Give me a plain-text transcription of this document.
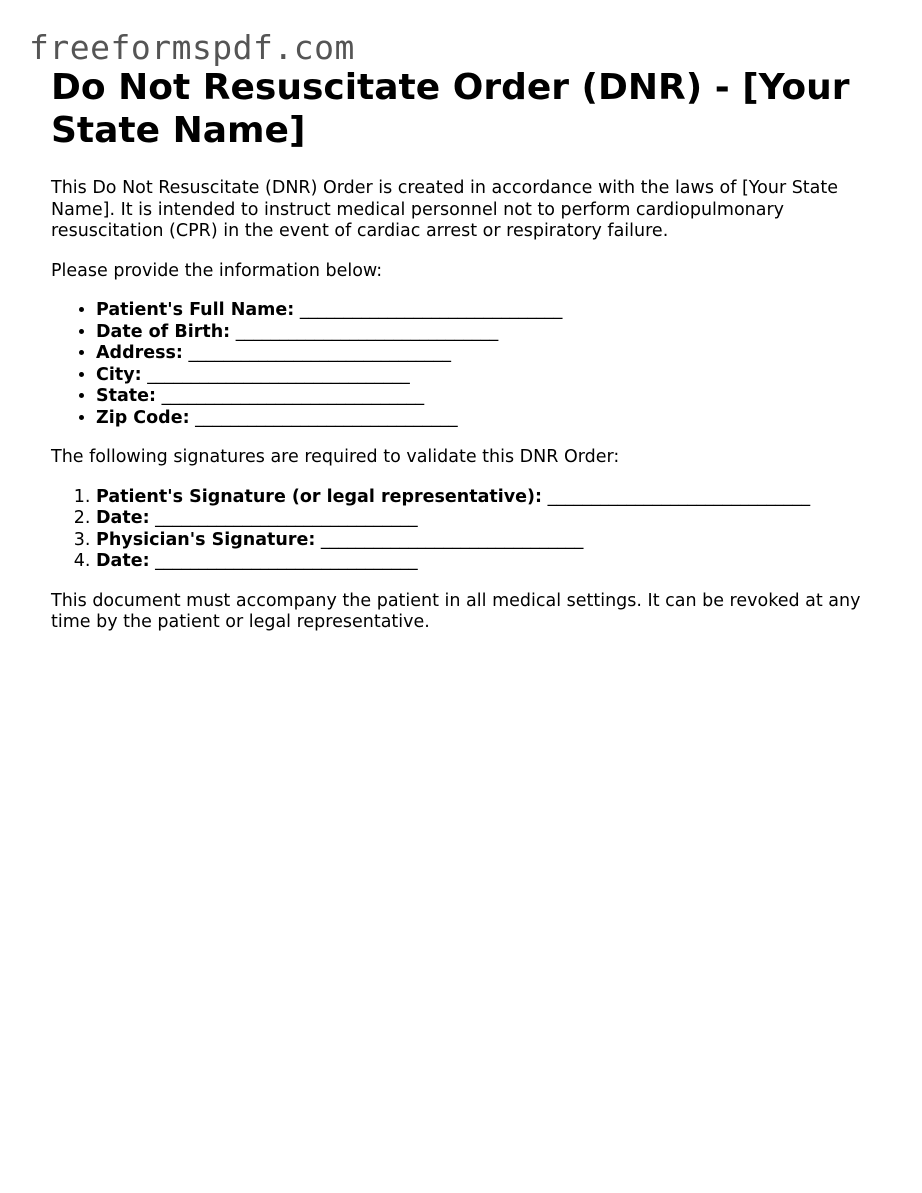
freeformspdf.com
Do Not Resuscitate Order (DNR) - [Your State Name]

This Do Not Resuscitate (DNR) Order is created in accordance with the laws of [Your State Name]. It is intended to instruct medical personnel not to perform cardiopulmonary resuscitation (CPR) in the event of cardiac arrest or respiratory failure.

Please provide the information below:

• Patient's Full Name: ______________________________
• Date of Birth: ______________________________
• Address: ______________________________
• City: ______________________________
• State: ______________________________
• Zip Code: ______________________________

The following signatures are required to validate this DNR Order:

1. Patient's Signature (or legal representative): ______________________________
2. Date: ______________________________
3. Physician's Signature: ______________________________
4. Date: ______________________________

This document must accompany the patient in all medical settings. It can be revoked at any time by the patient or legal representative.
